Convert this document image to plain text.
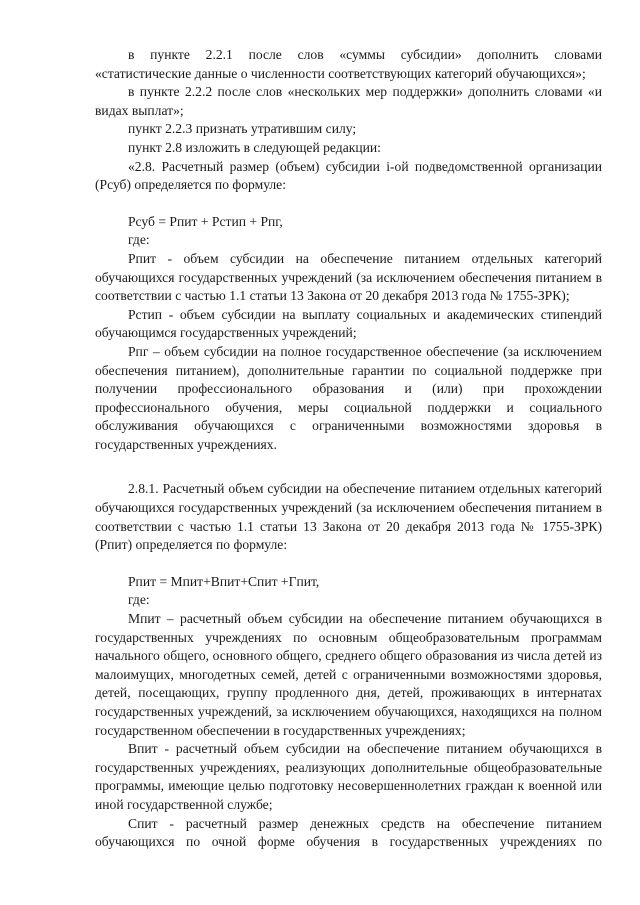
в пункте 2.2.1 после слов «суммы субсидии» дополнить словами «статистические данные о численности соответствующих категорий обучающихся»;

в пункте 2.2.2 после слов «нескольких мер поддержки» дополнить словами «и видах выплат»;

пункт 2.2.3 признать утратившим силу;

пункт 2.8 изложить в следующей редакции:

«2.8. Расчетный размер (объем) субсидии i-ой подведомственной организации (Рсуб) определяется по формуле:

Рсуб = Рпит + Рстип + Рпг,

где:

Рпит - объем субсидии на обеспечение питанием отдельных категорий обучающихся государственных учреждений (за исключением обеспечения питанием в соответствии с частью 1.1 статьи 13 Закона от 20 декабря 2013 года № 1755-ЗРК);

Рстип - объем субсидии на выплату социальных и академических стипендий обучающимся государственных учреждений;

Рпг – объем субсидии на полное государственное обеспечение (за исключением обеспечения питанием), дополнительные гарантии по социальной поддержке при получении профессионального образования и (или) при прохождении профессионального обучения, меры социальной поддержки и социального обслуживания обучающихся с ограниченными возможностями здоровья в государственных учреждениях.

2.8.1. Расчетный объем субсидии на обеспечение питанием отдельных категорий обучающихся государственных учреждений (за исключением обеспечения питанием в соответствии с частью 1.1 статьи 13 Закона от 20 декабря 2013 года № 1755-ЗРК) (Рпит) определяется по формуле:

Рпит = Мпит+Впит+Спит +Гпит,

где:

Мпит – расчетный объем субсидии на обеспечение питанием обучающихся в государственных учреждениях по основным общеобразовательным программам начального общего, основного общего, среднего общего образования из числа детей из малоимущих, многодетных семей, детей с ограниченными возможностями здоровья, детей, посещающих, группу продленного дня, детей, проживающих в интернатах государственных учреждений, за исключением обучающихся, находящихся на полном государственном обеспечении в государственных учреждениях;

Впит - расчетный объем субсидии на обеспечение питанием обучающихся в государственных учреждениях, реализующих дополнительные общеобразовательные программы, имеющие целью подготовку несовершеннолетних граждан к военной или иной государственной службе;

Спит - расчетный размер денежных средств на обеспечение питанием обучающихся по очной форме обучения в государственных учреждениях по
